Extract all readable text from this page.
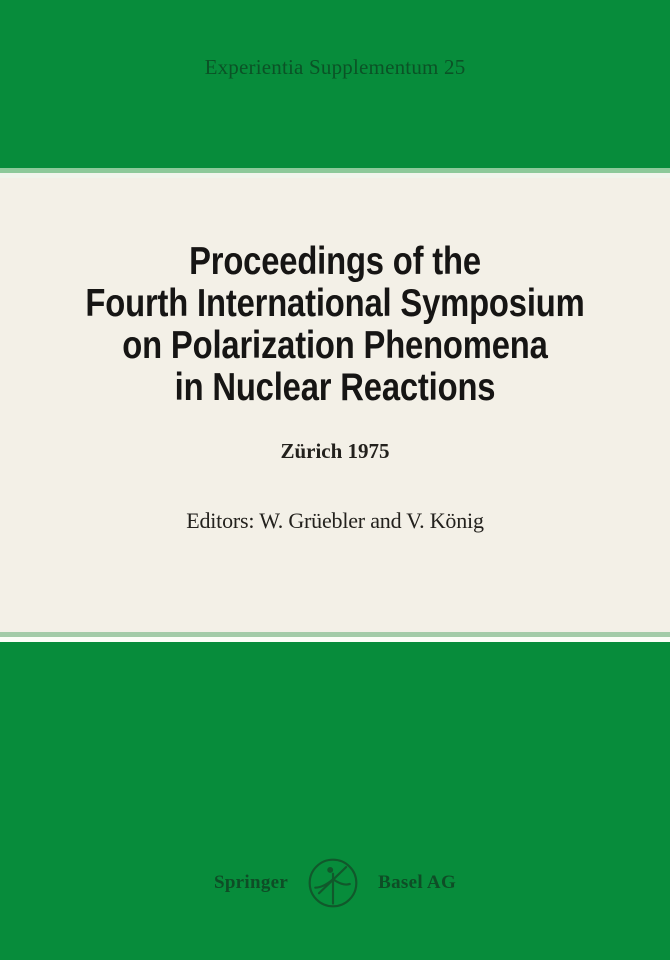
Experientia Supplementum 25
Proceedings of the
Fourth International Symposium
on Polarization Phenomena
in Nuclear Reactions
Zürich 1975
Editors: W. Grüebler and V. König
Springer	Basel AG
